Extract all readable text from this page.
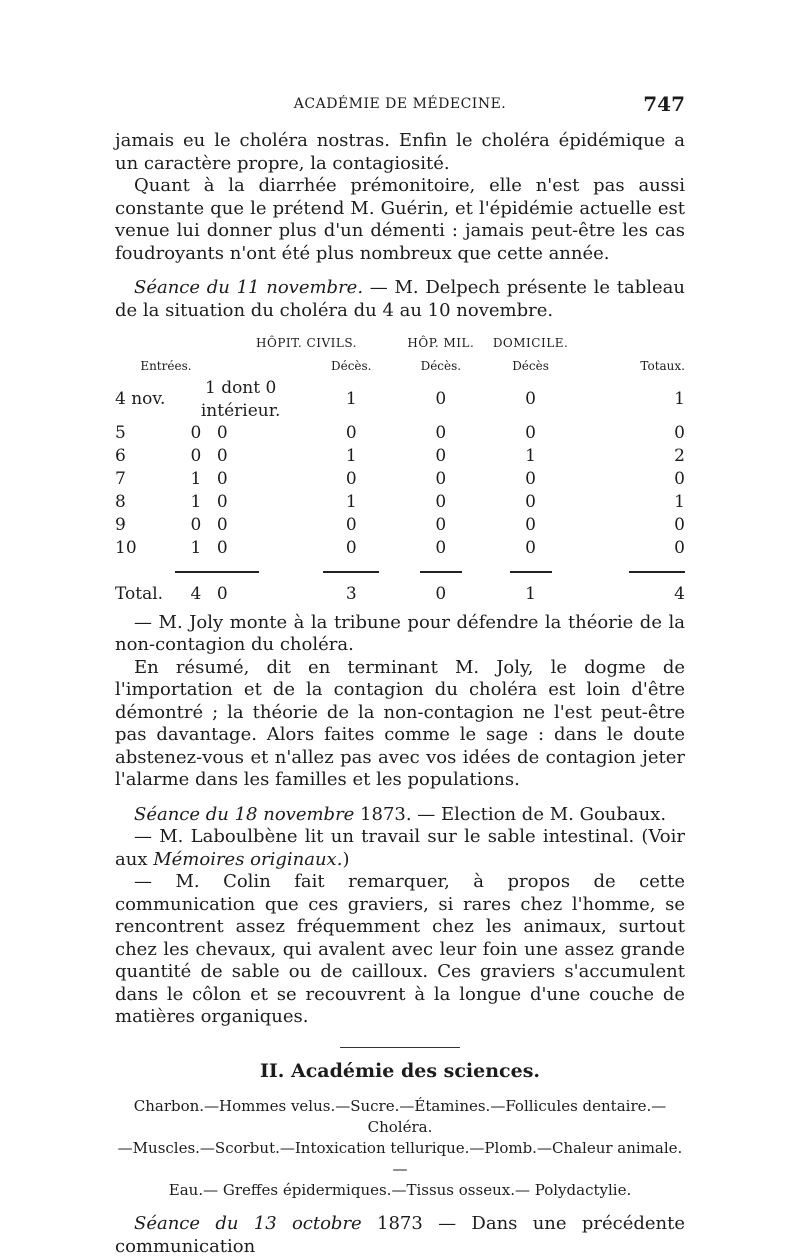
ACADÉMIE DE MÉDECINE.	747

jamais eu le choléra nostras. Enfin le choléra épidémique a un caractère propre, la contagiosité.

Quant à la diarrhée prémonitoire, elle n'est pas aussi constante que le prétend M. Guérin, et l'épidémie actuelle est venue lui donner plus d'un démenti : jamais peut-être les cas foudroyants n'ont été plus nombreux que cette année.

Séance du 11 novembre. — M. Delpech présente le tableau de la situation du choléra du 4 au 10 novembre.

		HÔPIT. CIVILS.		HÔP. MIL.	DOMICILE.	
Entrées.			Décès.	Décès.	Décès	Totaux.
4 nov.	1 dont 0 intérieur.		1	0	0	1
5	0	0	0	0	0	0
6	0	0	1	0	1	2
7	1	0	0	0	0	0
8	1	0	1	0	0	1
9	0	0	0	0	0	0
10	1	0	0	0	0	0

Total.	4	0	3	0	1	4

— M. Joly monte à la tribune pour défendre la théorie de la non-contagion du choléra.

En résumé, dit en terminant M. Joly, le dogme de l'importation et de la contagion du choléra est loin d'être démontré ; la théorie de la non-contagion ne l'est peut-être pas davantage. Alors faites comme le sage : dans le doute abstenez-vous et n'allez pas avec vos idées de contagion jeter l'alarme dans les familles et les populations.

Séance du 18 novembre 1873. — Election de M. Goubaux.

— M. Laboulbène lit un travail sur le sable intestinal. (Voir aux Mémoires originaux.)

— M. Colin fait remarquer, à propos de cette communication que ces graviers, si rares chez l'homme, se rencontrent assez fréquemment chez les animaux, surtout chez les chevaux, qui avalent avec leur foin une assez grande quantité de sable ou de cailloux. Ces graviers s'accumulent dans le côlon et se recouvrent à la longue d'une couche de matières organiques.

II. Académie des sciences.

Charbon.—Hommes velus.—Sucre.—Étamines.—Follicules dentaire.—Choléra.

—Muscles.—Scorbut.—Intoxication tellurique.—Plomb.—Chaleur animale.—

Eau.— Greffes épidermiques.—Tissus osseux.— Polydactylie.

Séance du 13 octobre 1873 — Dans une précédente communication
